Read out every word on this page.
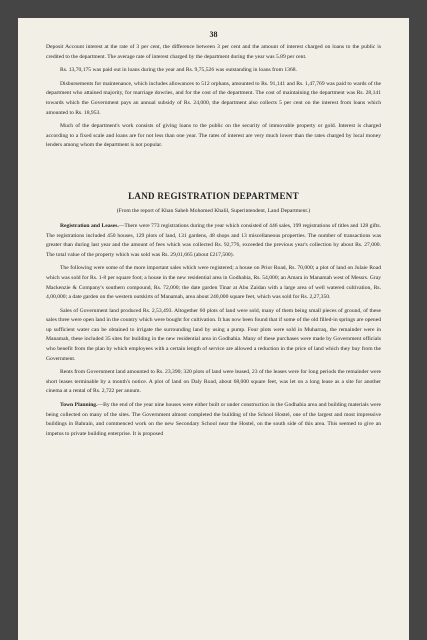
38

Deposit Account interest at the rate of 3 per cent, the difference between 3 per cent and the amount of interest charged on loans to the public is credited to the department. The average rate of interest charged by the department during the year was 5.89 per cent.

Rs. 13,70,175 was paid out in loans during the year and Rs. 9,75,526 was outstanding in loans from 1368.

Disbursements for maintenance, which includes allowances to 512 orphans, amounted to Rs. 91,141 and Rs. 1,47,769 was paid to wards of the department who attained majority, for marriage dowries, and for the cost of the department. The cost of maintaining the department was Rs. 28,141 towards which the Government pays an annual subsidy of Rs. 24,000, the department also collects 5 per cent on the interest from loans which amounted to Rs. 18,953.

Much of the department's work consists of giving loans to the public on the security of immovable property or gold. Interest is charged according to a fixed scale and loans are for not less than one year. The rates of interest are very much lower than the rates charged by local money lenders among whom the department is not popular.

LAND REGISTRATION DEPARTMENT
(From the report of Khan Saheb Mohomed Khalil, Superintendent, Land Department.)

Registration and Leases.—There were 773 registrations during the year which consisted of 446 sales, 199 registrations of titles and 128 gifts. The registrations included 450 houses, 129 plots of land, 131 gardens, 48 shops and 13 miscellaneous properties. The number of transactions was greater than during last year and the amount of fees which was collected Rs. 92,776, exceeded the previous year's collection by about Rs. 27,000. The total value of the property which was sold was Rs. 29,01,665 (about £217,500).

The following were some of the more important sales which were registered; a house on Prior Road, Rs. 70,000; a plot of land on Julaie Road which was sold for Rs. 1-8 per square foot; a house in the new residential area in Godhabia, Rs. 54,000; an Amara in Manamah west of Messrs. Gray Mackenzie & Company's southern compound, Rs. 72,000; the date garden Tinar at Abu Zaidan with a large area of well watered cultivation, Rs. 4,00,000; a date garden on the western outskirts of Manamah, area about 240,000 square feet, which was sold for Rs. 2,27,350.

Sales of Government land produced Rs. 2,53,493. Altogether 60 plots of land were sold, many of them being small pieces of ground, of these sales three were open land in the country which were bought for cultivation. It has now been found that if some of the old filled-in springs are opened up sufficient water can be obtained to irrigate the surrounding land by using a pump. Four plots were sold in Muharraq, the remainder were in Manamah, these included 35 sites for building in the new residential area in Godhabia. Many of these purchases were made by Government officials who benefit from the plan by which employees with a certain length of service are allowed a reduction in the price of land which they buy from the Government.

Rents from Government land amounted to Rs. 23,390; 320 plots of land were leased, 23 of the leases were for long periods the remainder were short leases terminable by a month's notice. A plot of land on Daly Road, about 68,000 square feet, was let on a long lease as a site for another cinema at a rental of Rs. 2,722 per annum.

Town Planning.—By the end of the year nine houses were either built or under construction in the Godhabia area and building materials were being collected on many of the sites. The Government almost completed the building of the School Hostel, one of the largest and most impressive buildings in Bahrain, and commenced work on the new Secondary School near the Hostel, on the south side of this area. This seemed to give an impetus to private building enterprise. It is proposed
